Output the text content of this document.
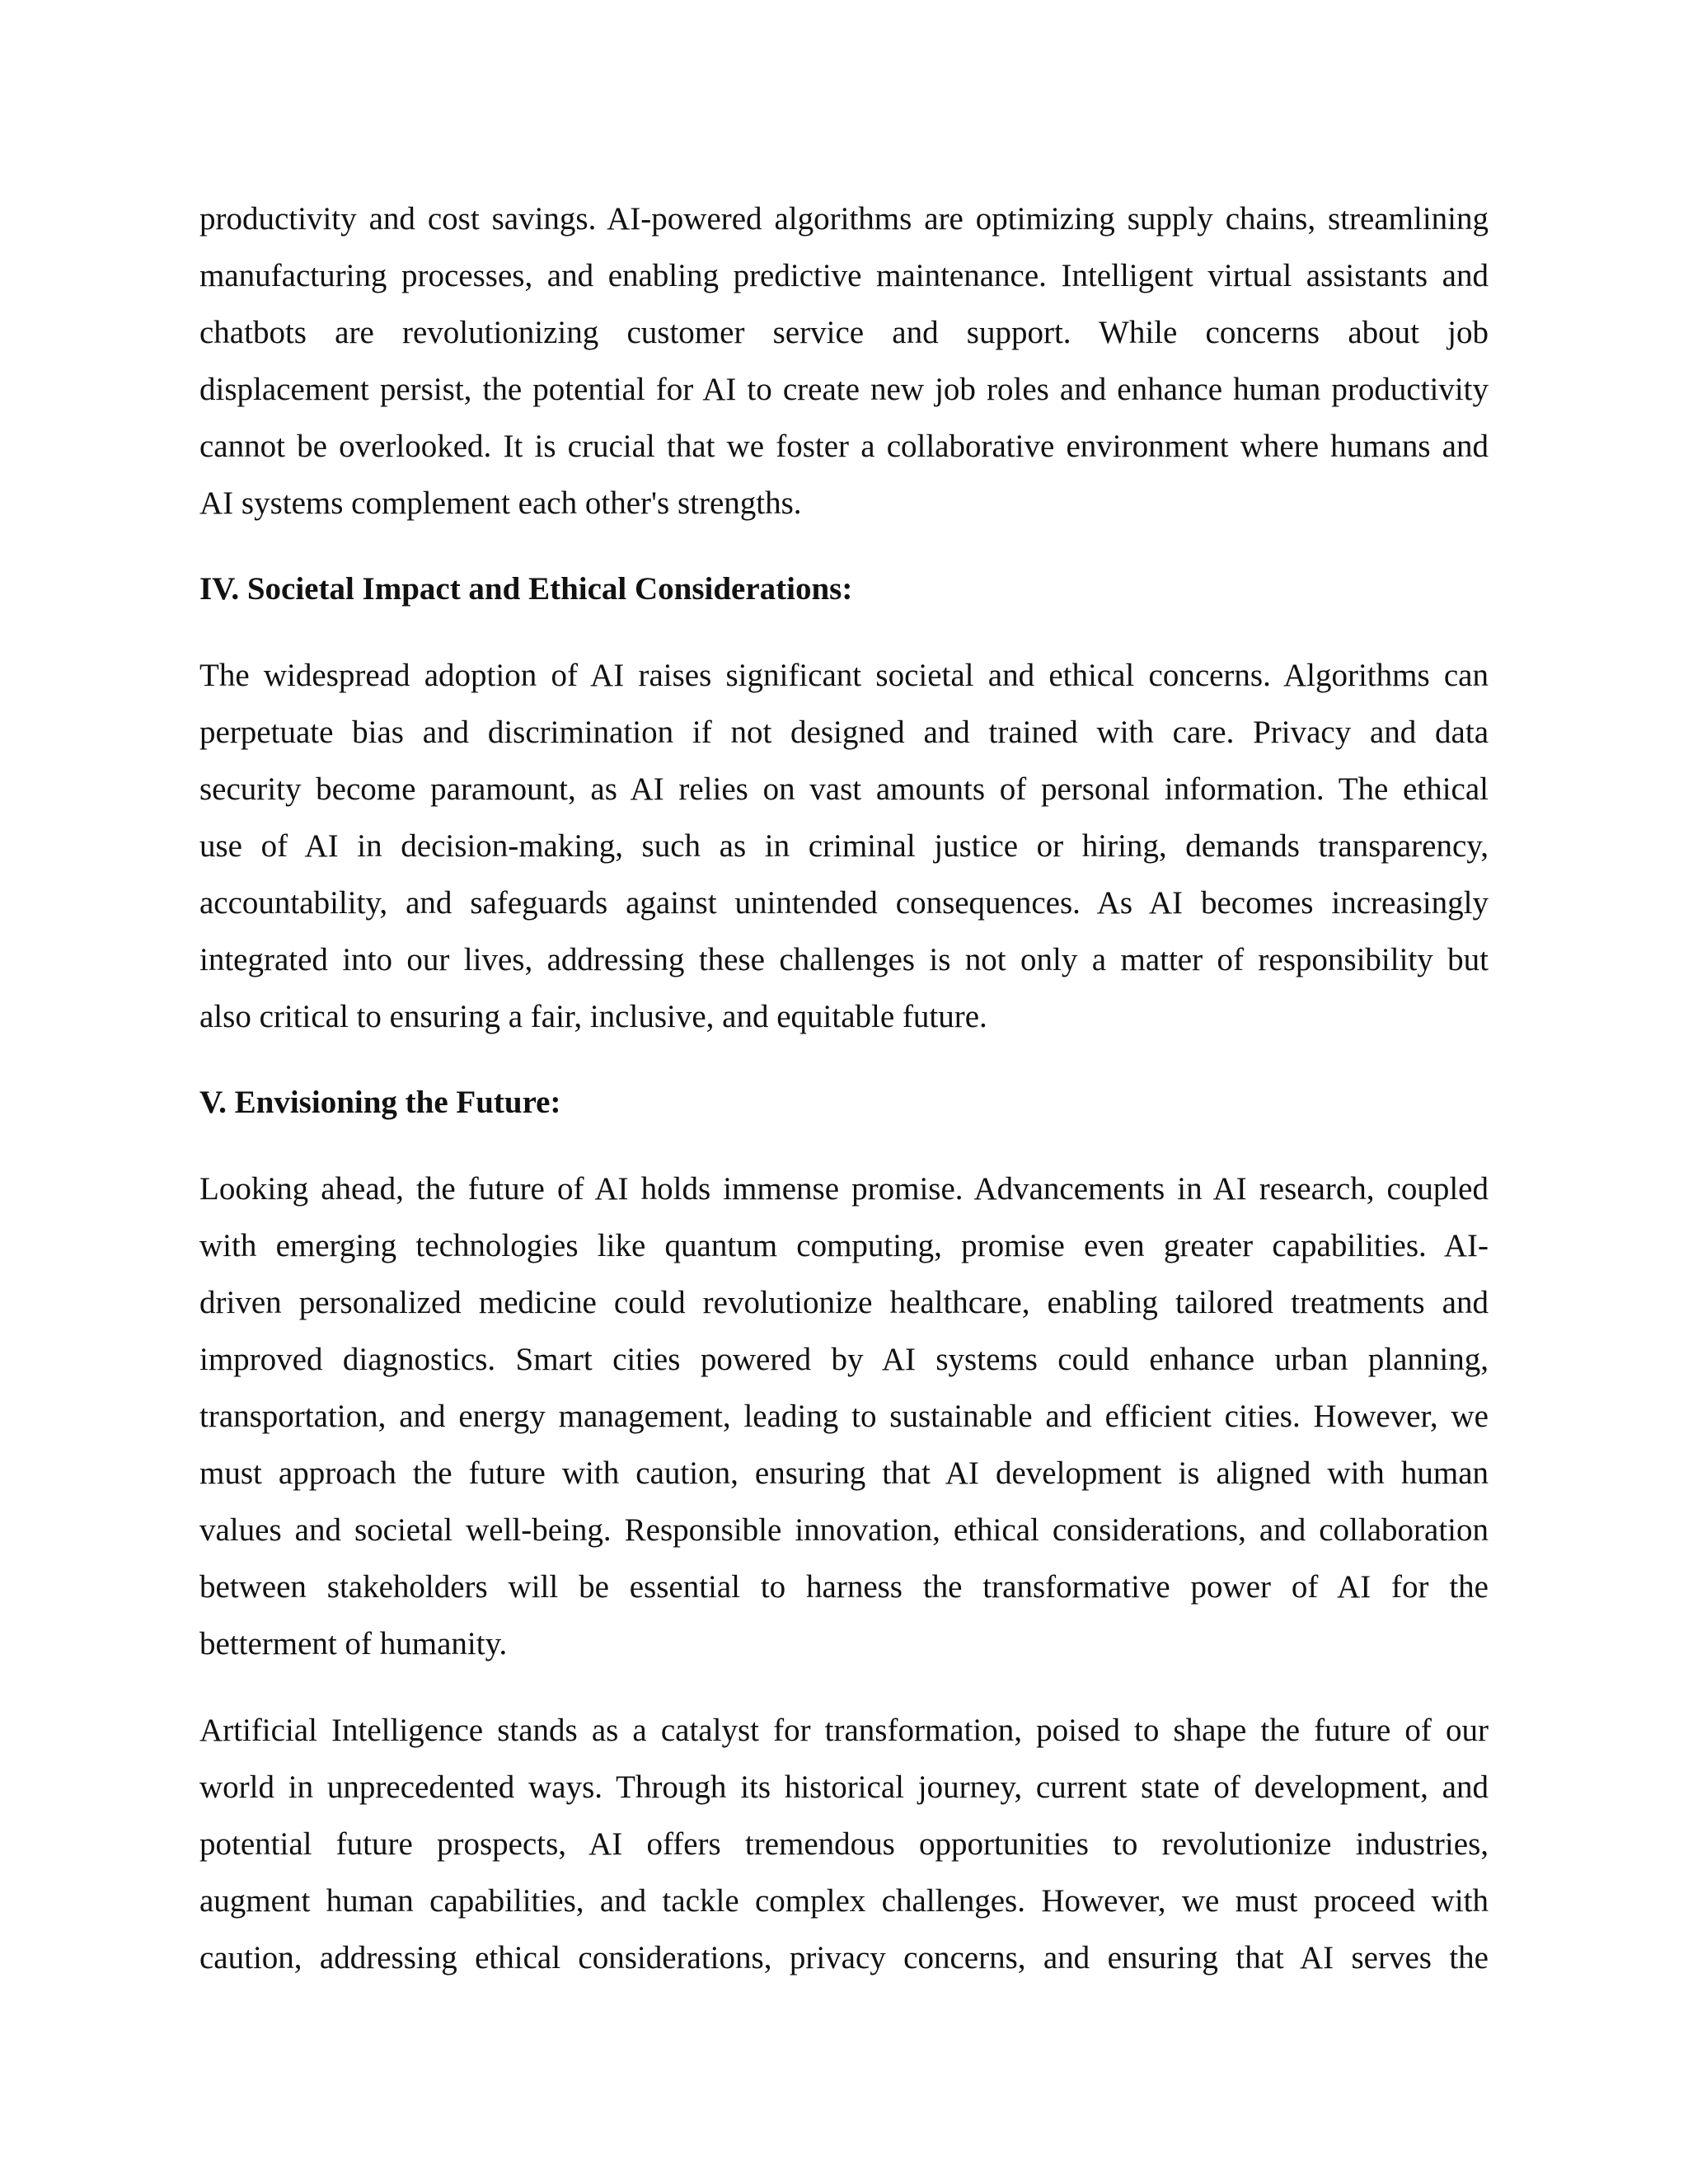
productivity and cost savings. AI-powered algorithms are optimizing supply chains, streamlining
manufacturing processes, and enabling predictive maintenance. Intelligent virtual assistants and
chatbots are revolutionizing customer service and support. While concerns about job
displacement persist, the potential for AI to create new job roles and enhance human productivity
cannot be overlooked. It is crucial that we foster a collaborative environment where humans and
AI systems complement each other's strengths.
IV. Societal Impact and Ethical Considerations:
The widespread adoption of AI raises significant societal and ethical concerns. Algorithms can
perpetuate bias and discrimination if not designed and trained with care. Privacy and data
security become paramount, as AI relies on vast amounts of personal information. The ethical
use of AI in decision-making, such as in criminal justice or hiring, demands transparency,
accountability, and safeguards against unintended consequences. As AI becomes increasingly
integrated into our lives, addressing these challenges is not only a matter of responsibility but
also critical to ensuring a fair, inclusive, and equitable future.
V. Envisioning the Future:
Looking ahead, the future of AI holds immense promise. Advancements in AI research, coupled
with emerging technologies like quantum computing, promise even greater capabilities. AI-
driven personalized medicine could revolutionize healthcare, enabling tailored treatments and
improved diagnostics. Smart cities powered by AI systems could enhance urban planning,
transportation, and energy management, leading to sustainable and efficient cities. However, we
must approach the future with caution, ensuring that AI development is aligned with human
values and societal well-being. Responsible innovation, ethical considerations, and collaboration
between stakeholders will be essential to harness the transformative power of AI for the
betterment of humanity.
Artificial Intelligence stands as a catalyst for transformation, poised to shape the future of our
world in unprecedented ways. Through its historical journey, current state of development, and
potential future prospects, AI offers tremendous opportunities to revolutionize industries,
augment human capabilities, and tackle complex challenges. However, we must proceed with
caution, addressing ethical considerations, privacy concerns, and ensuring that AI serves the
